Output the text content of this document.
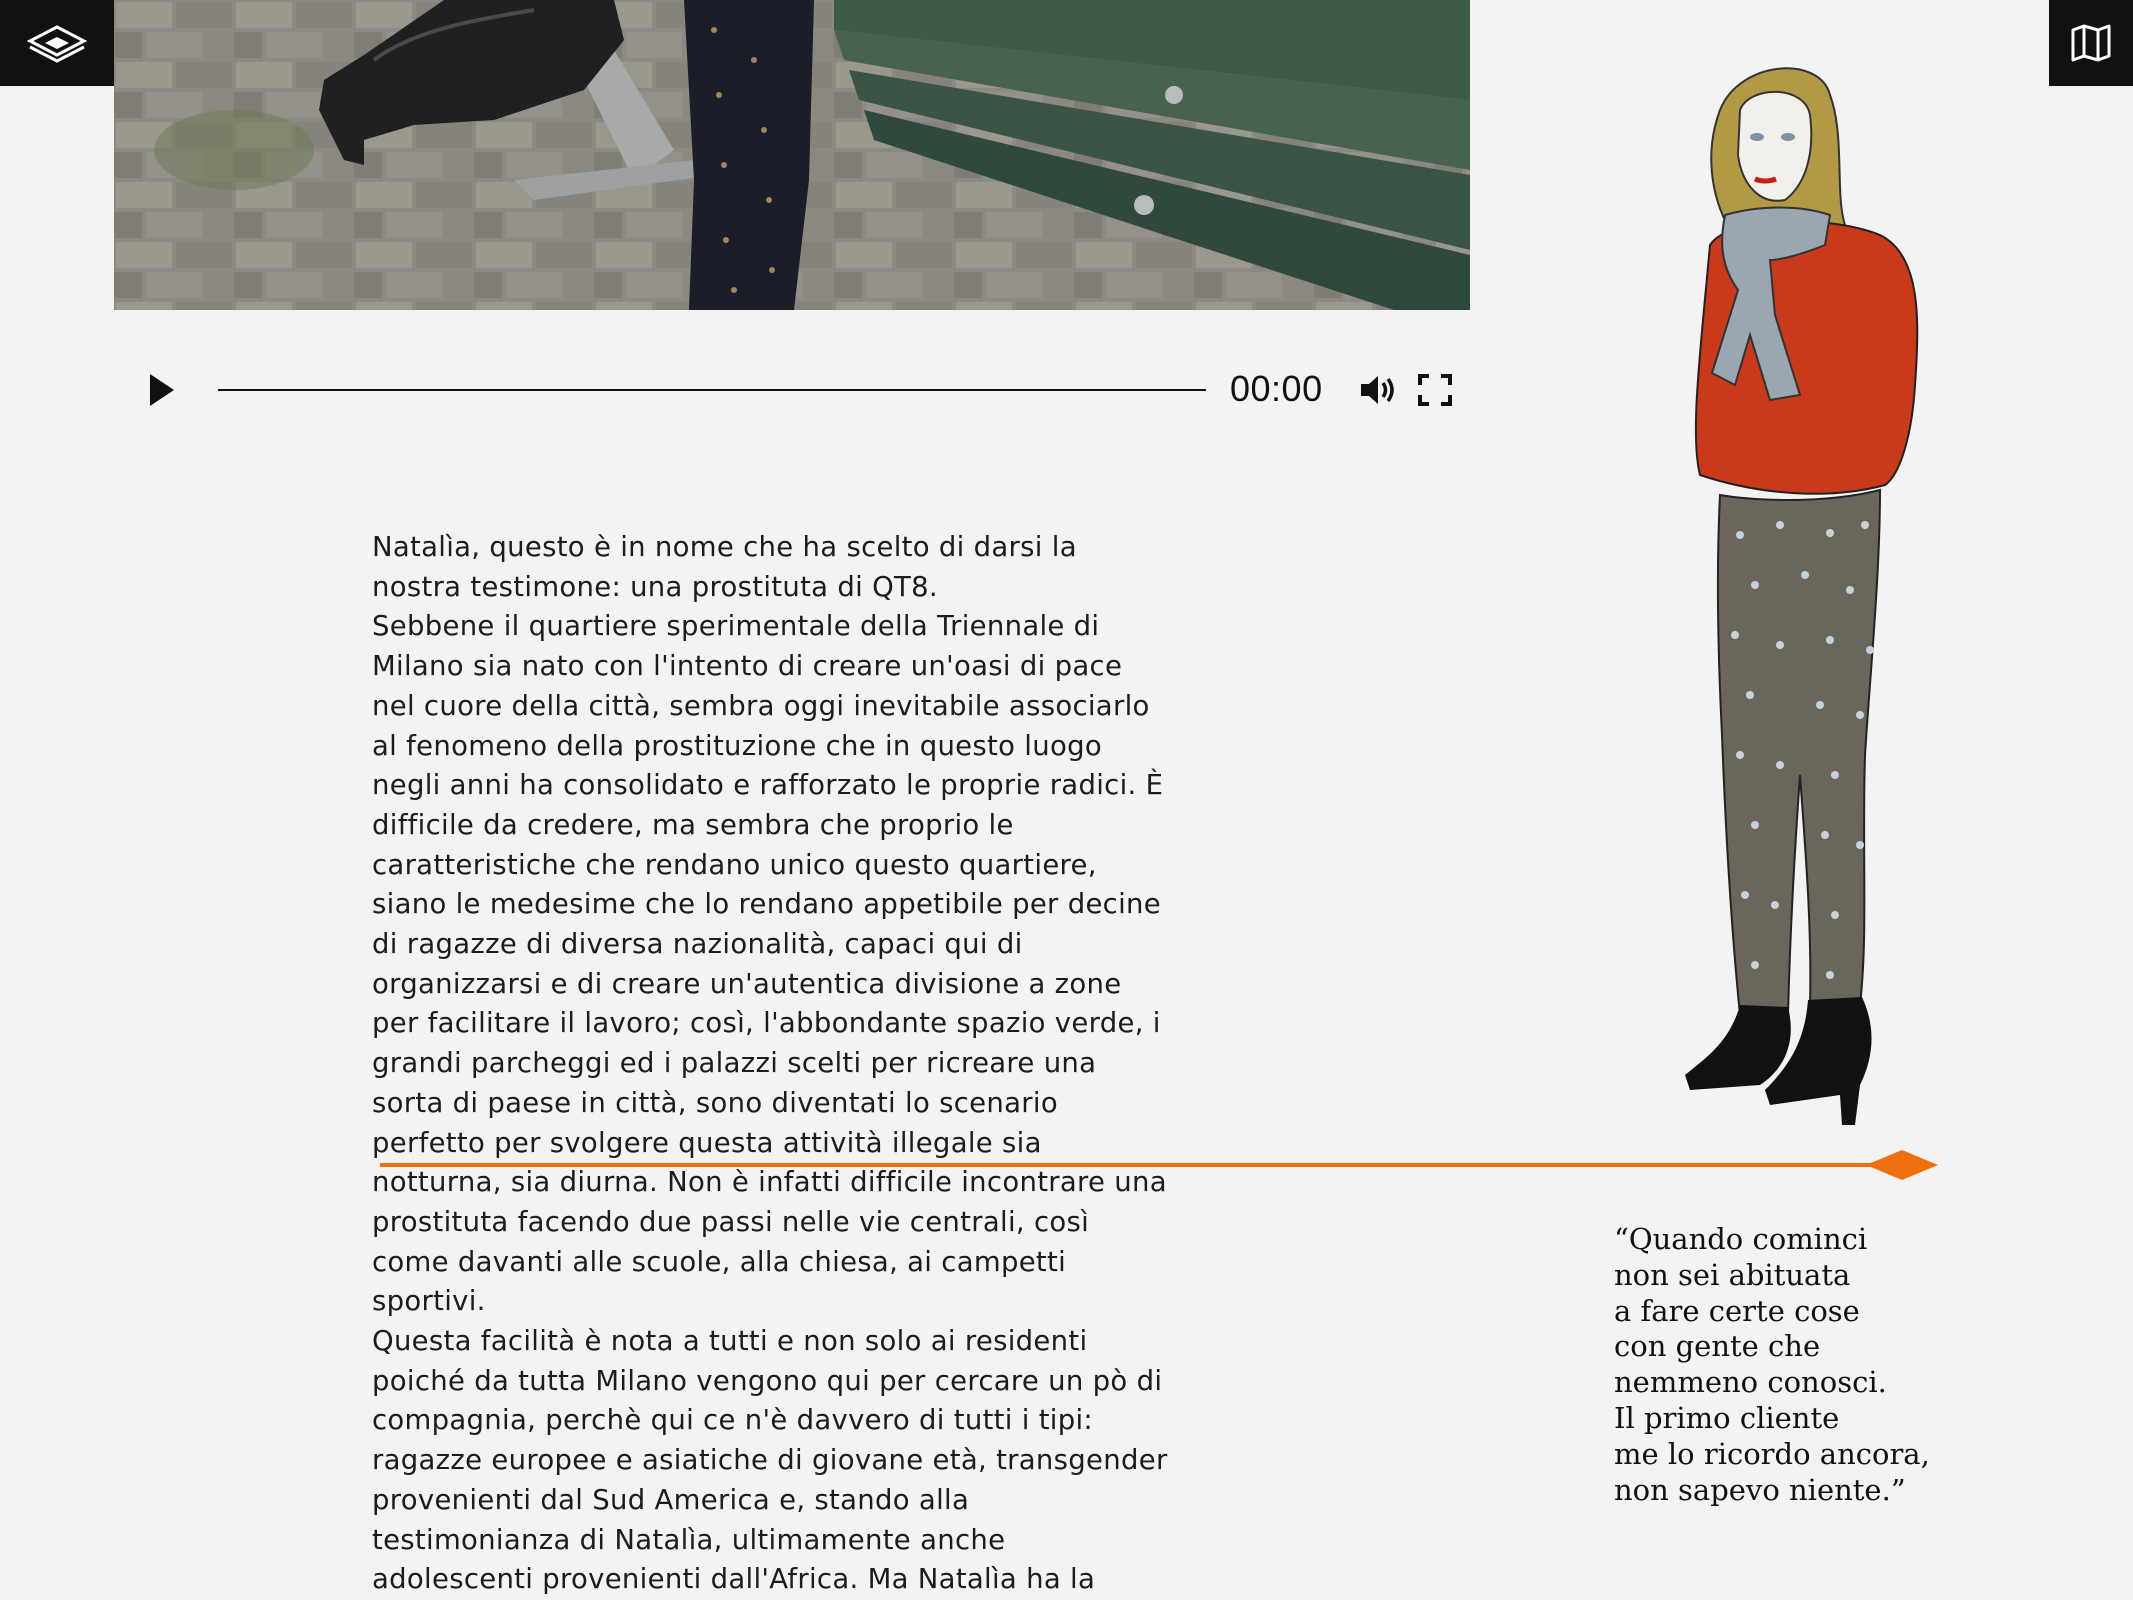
00:00

Natalìa, questo è in nome che ha scelto di darsi la nostra testimone: una prostituta di QT8.

Sebbene il quartiere sperimentale della Triennale di Milano sia nato con l'intento di creare un'oasi di pace nel cuore della città, sembra oggi inevitabile associarlo al fenomeno della prostituzione che in questo luogo negli anni ha consolidato e rafforzato le proprie radici. È difficile da credere, ma sembra che proprio le caratteristiche che rendano unico questo quartiere, siano le medesime che lo rendano appetibile per decine di ragazze di diversa nazionalità, capaci qui di organizzarsi e di creare un'autentica divisione a zone per facilitare il lavoro; così, l'abbondante spazio verde, i grandi parcheggi ed i palazzi scelti per ricreare una sorta di paese in città, sono diventati lo scenario perfetto per svolgere questa attività illegale sia notturna, sia diurna. Non è infatti difficile incontrare una prostituta facendo due passi nelle vie centrali, così come davanti alle scuole, alla chiesa, ai campetti sportivi.

Questa facilità è nota a tutti e non solo ai residenti poiché da tutta Milano vengono qui per cercare un pò di compagnia, perchè qui ce n'è davvero di tutti i tipi: ragazze europee e asiatiche di giovane età, transgender provenienti dal Sud America e, stando alla testimonianza di Natalìa, ultimamente anche adolescenti provenienti dall'Africa. Ma Natalìa ha la

“Quando cominci
non sei abituata
a fare certe cose
con gente che
nemmeno conosci.
Il primo cliente
me lo ricordo ancora,
non sapevo niente.”
